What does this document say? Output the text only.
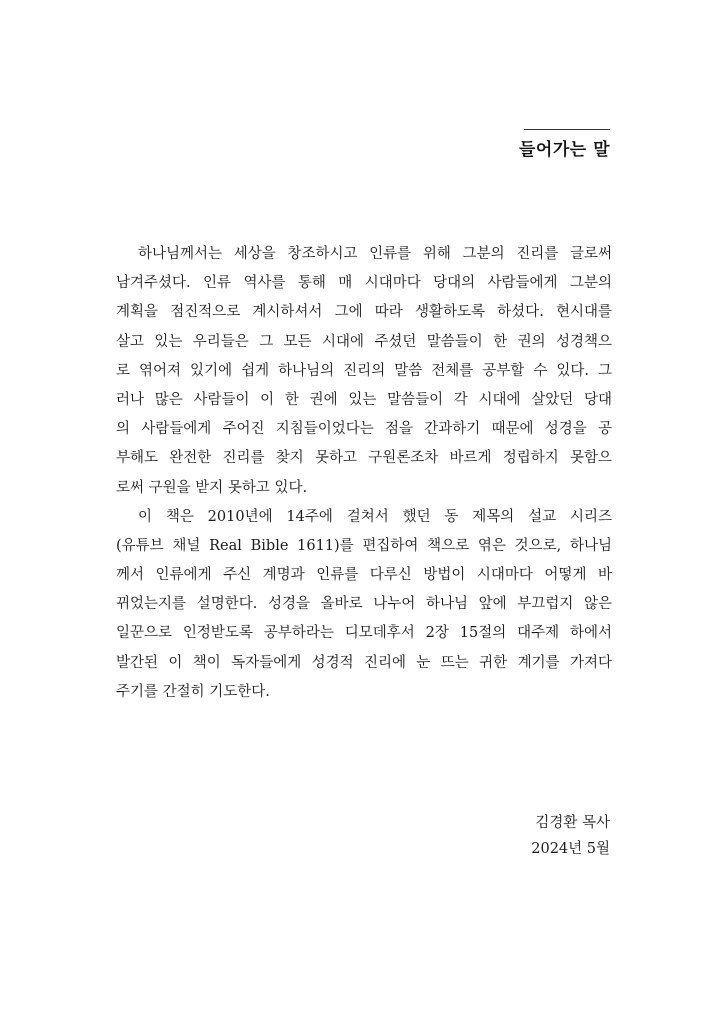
들어가는 말
하나님께서는 세상을 창조하시고 인류를 위해 그분의 진리를 글로써
남겨주셨다. 인류 역사를 통해 매 시대마다 당대의 사람들에게 그분의
계획을 점진적으로 계시하셔서 그에 따라 생활하도록 하셨다. 현시대를
살고 있는 우리들은 그 모든 시대에 주셨던 말씀들이 한 권의 성경책으
로 엮어져 있기에 쉽게 하나님의 진리의 말씀 전체를 공부할 수 있다. 그
러나 많은 사람들이 이 한 권에 있는 말씀들이 각 시대에 살았던 당대
의 사람들에게 주어진 지침들이었다는 점을 간과하기 때문에 성경을 공
부해도 완전한 진리를 찾지 못하고 구원론조차 바르게 정립하지 못함으
로써 구원을 받지 못하고 있다.
이 책은 2010년에 14주에 걸쳐서 했던 동 제목의 설교 시리즈
(유튜브 채널 Real Bible 1611)를 편집하여 책으로 엮은 것으로, 하나님
께서 인류에게 주신 계명과 인류를 다루신 방법이 시대마다 어떻게 바
뀌었는지를 설명한다. 성경을 올바로 나누어 하나님 앞에 부끄럽지 않은
일꾼으로 인정받도록 공부하라는 디모데후서 2장 15절의 대주제 하에서
발간된 이 책이 독자들에게 성경적 진리에 눈 뜨는 귀한 계기를 가져다
주기를 간절히 기도한다.
김경환 목사
2024년 5월
